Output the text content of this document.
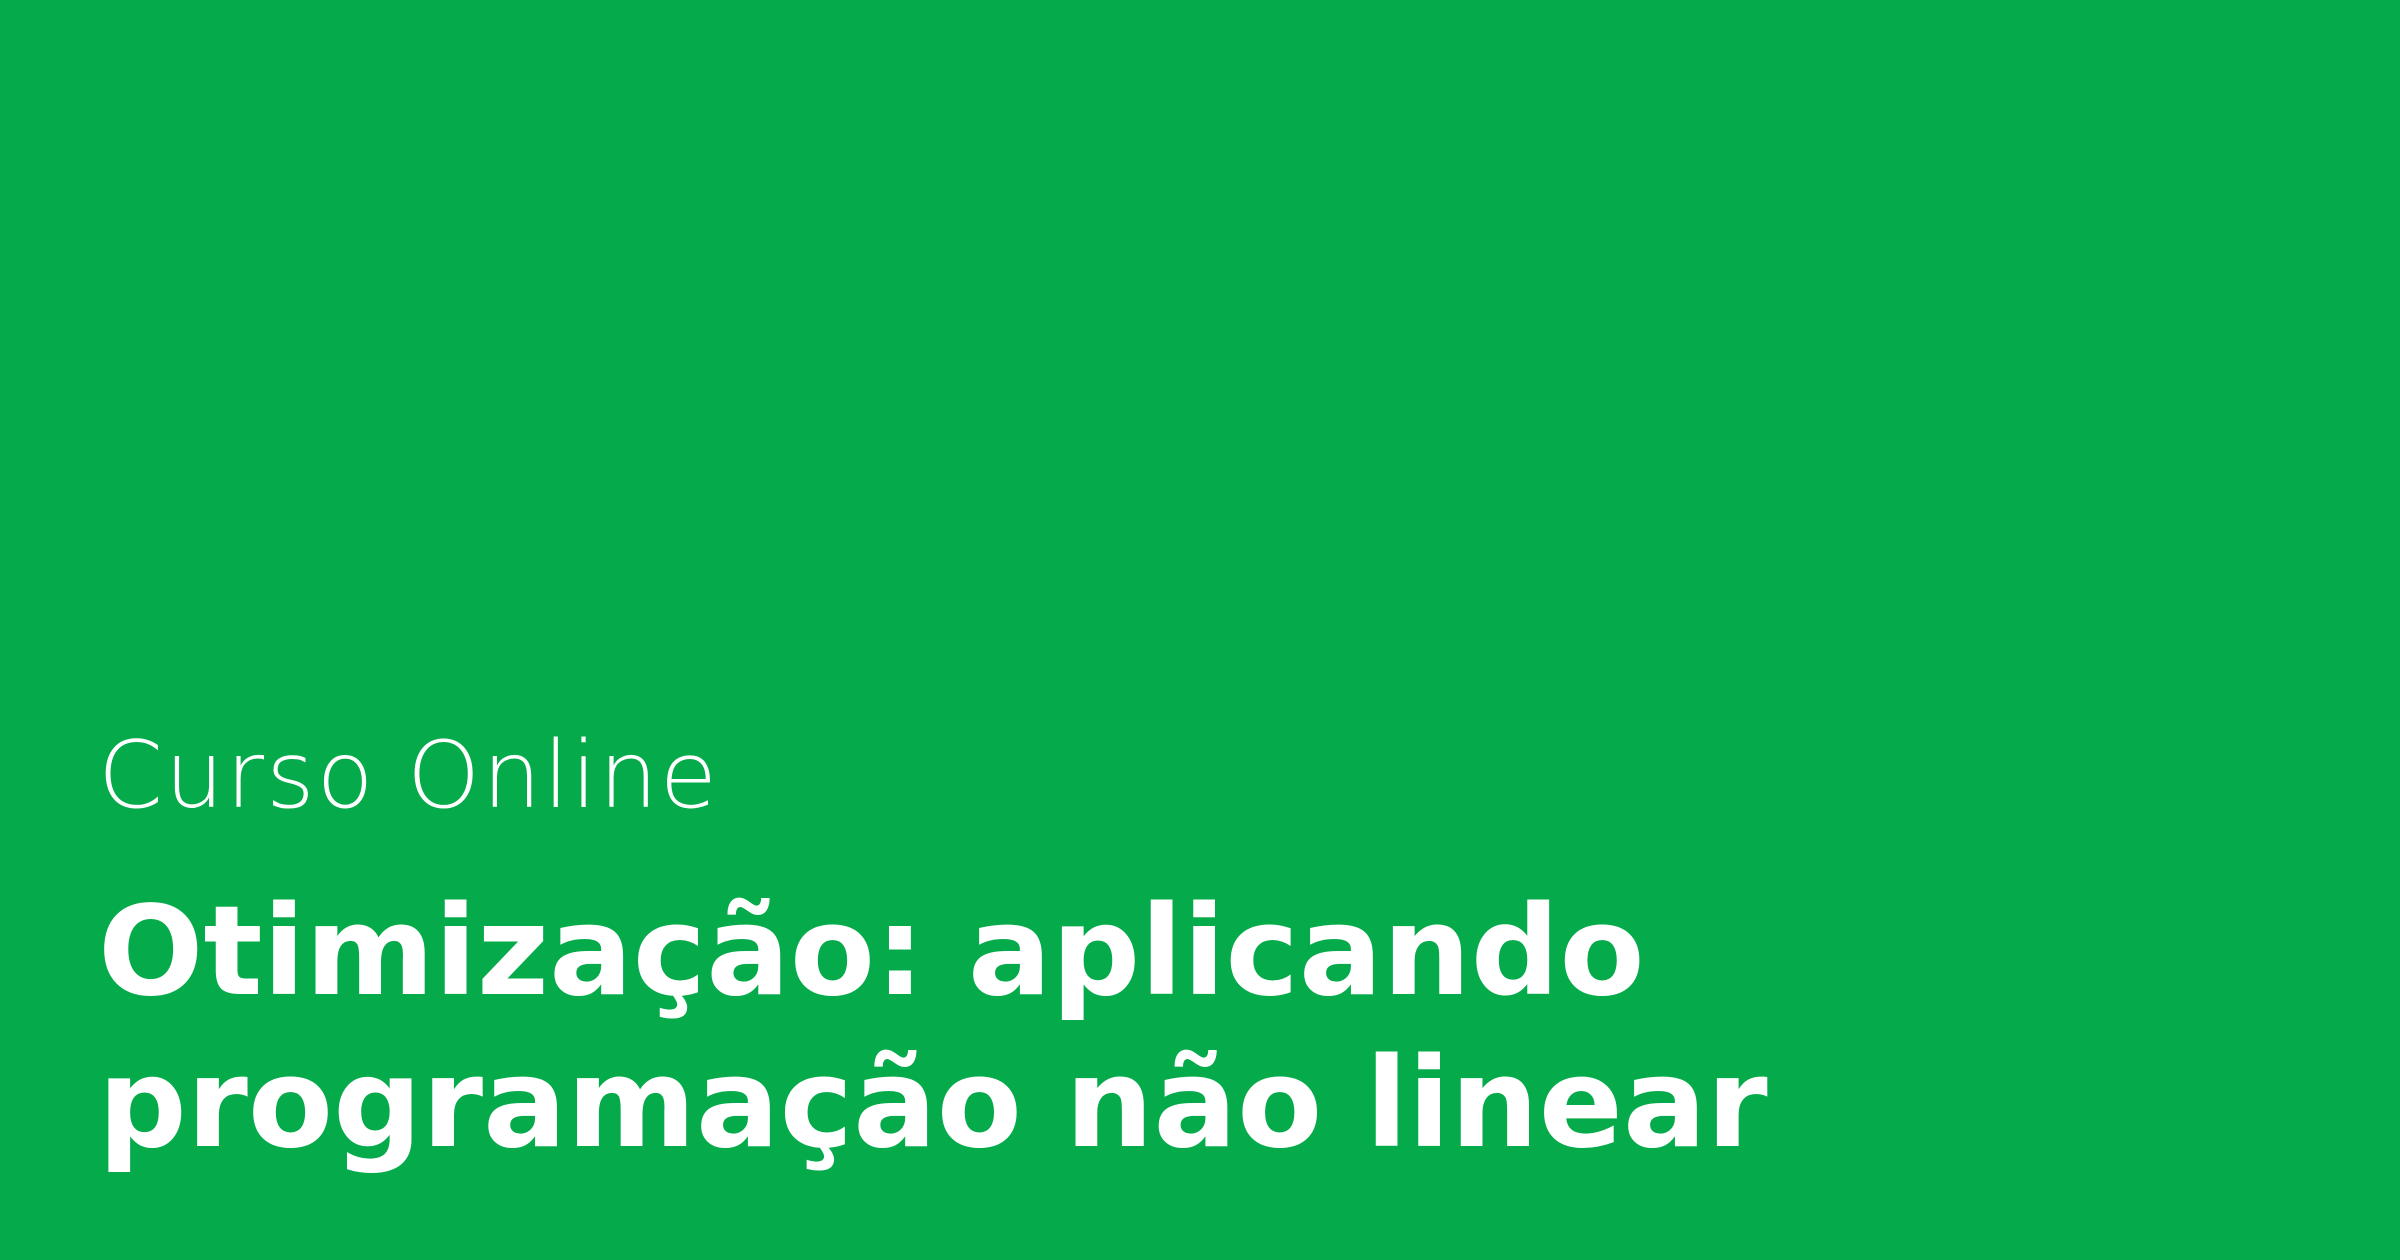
Curso Online
Otimização: aplicando
programação não linear
